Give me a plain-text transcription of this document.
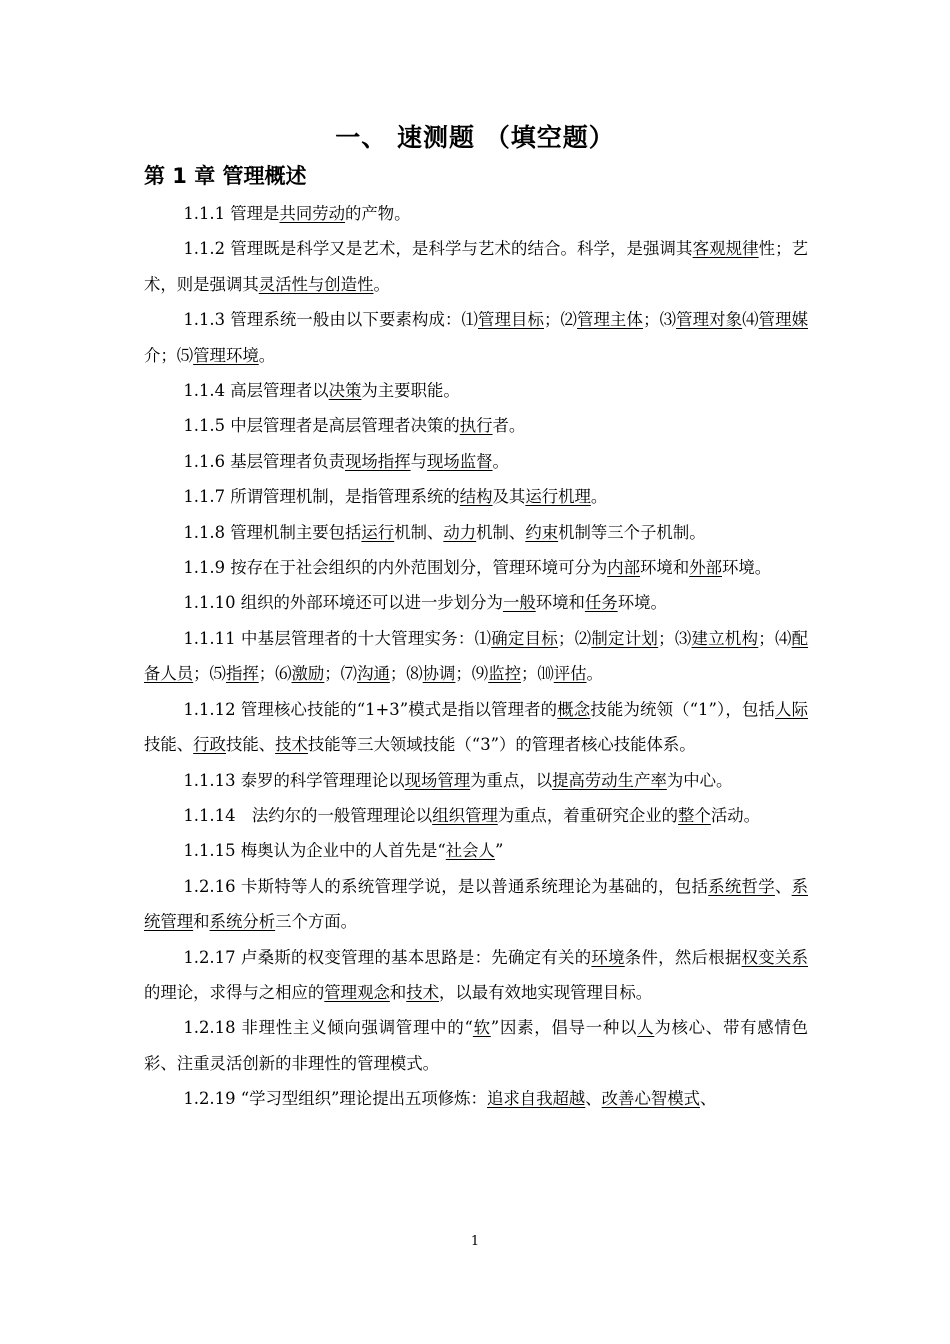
一、 速测题 （填空题）
第 1 章 管理概述

1.1.1 管理是共同劳动的产物。

1.1.2 管理既是科学又是艺术，是科学与艺术的结合。科学，是强调其客观规律性；艺术，则是强调其灵活性与创造性。

1.1.3 管理系统一般由以下要素构成：⑴管理目标；⑵管理主体；⑶管理对象⑷管理媒介；⑸管理环境。

1.1.4 高层管理者以决策为主要职能。

1.1.5 中层管理者是高层管理者决策的执行者。

1.1.6 基层管理者负责现场指挥与现场监督。

1.1.7 所谓管理机制，是指管理系统的结构及其运行机理。

1.1.8 管理机制主要包括运行机制、动力机制、约束机制等三个子机制。

1.1.9 按存在于社会组织的内外范围划分，管理环境可分为内部环境和外部环境。

1.1.10 组织的外部环境还可以进一步划分为一般环境和任务环境。

1.1.11 中基层管理者的十大管理实务：⑴确定目标；⑵制定计划；⑶建立机构；⑷配备人员；⑸指挥；⑹激励；⑺沟通；⑻协调；⑼监控；⑽评估。

1.1.12 管理核心技能的“1+3”模式是指以管理者的概念技能为统领（“1”），包括人际技能、行政技能、技术技能等三大领域技能（“3”）的管理者核心技能体系。

1.1.13 泰罗的科学管理理论以现场管理为重点，以提高劳动生产率为中心。

1.1.14　法约尔的一般管理理论以组织管理为重点，着重研究企业的整个活动。

1.1.15 梅奥认为企业中的人首先是“社会人”

1.2.16 卡斯特等人的系统管理学说，是以普通系统理论为基础的，包括系统哲学、系统管理和系统分析三个方面。

1.2.17 卢桑斯的权变管理的基本思路是：先确定有关的环境条件，然后根据权变关系的理论，求得与之相应的管理观念和技术，以最有效地实现管理目标。

1.2.18 非理性主义倾向强调管理中的“软”因素，倡导一种以人为核心、带有感情色彩、注重灵活创新的非理性的管理模式。

1.2.19 “学习型组织”理论提出五项修炼：追求自我超越、改善心智模式、

1
